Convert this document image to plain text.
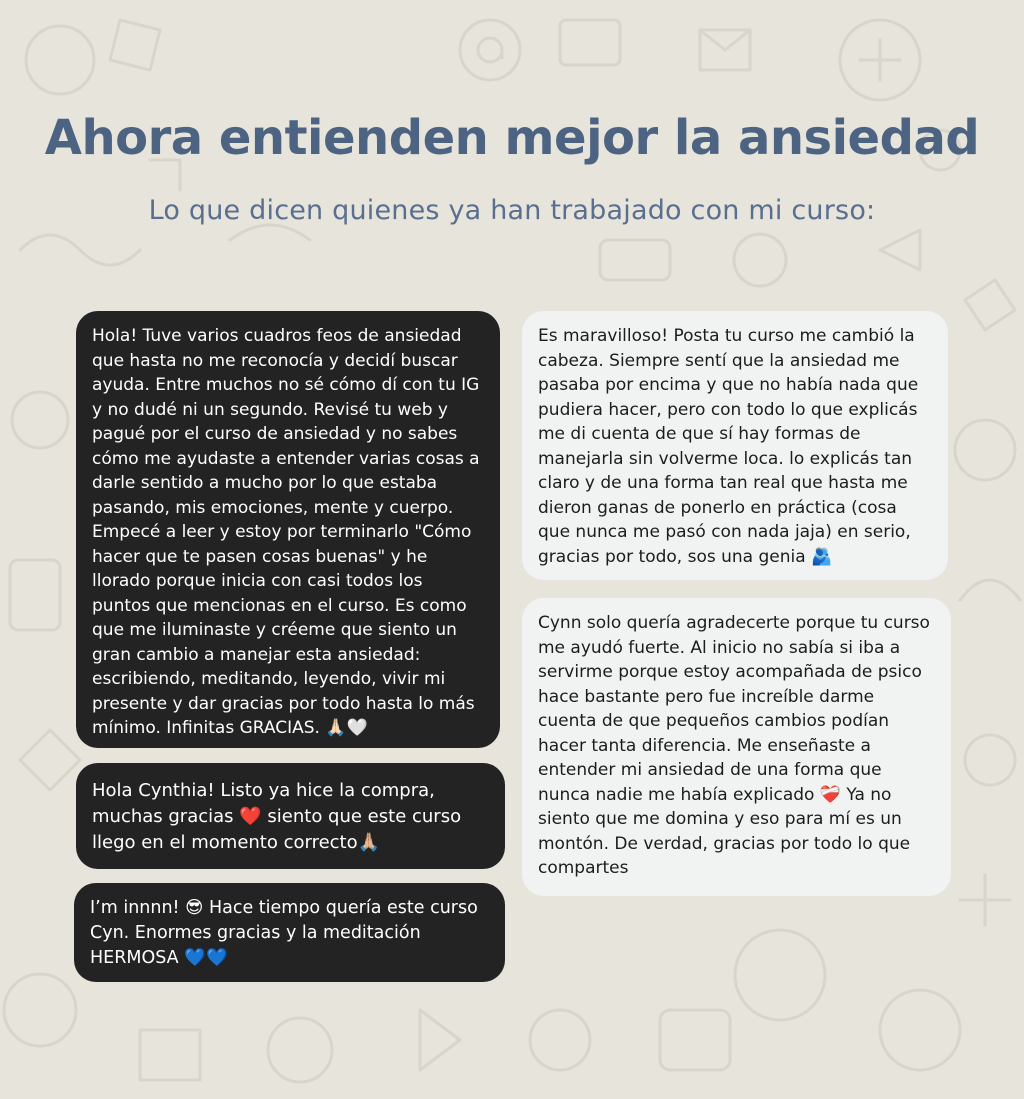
Ahora entienden mejor la ansiedad
Lo que dicen quienes ya han trabajado con mi curso:
Hola! Tuve varios cuadros feos de ansiedad que hasta no me reconocía y decidí buscar ayuda. Entre muchos no sé cómo dí con tu IG y no dudé ni un segundo. Revisé tu web y pagué por el curso de ansiedad y no sabes cómo me ayudaste a entender varias cosas a darle sentido a mucho por lo que estaba pasando, mis emociones, mente y cuerpo. Empecé a leer y estoy por terminarlo "Cómo hacer que te pasen cosas buenas" y he llorado porque inicia con casi todos los puntos que mencionas en el curso. Es como que me iluminaste y créeme que siento un gran cambio a manejar esta ansiedad: escribiendo, meditando, leyendo, vivir mi presente y dar gracias por todo hasta lo más mínimo. Infinitas GRACIAS. 🙏🏻🤍
Hola Cynthia! Listo ya hice la compra, muchas gracias ❤️ siento que este curso llego en el momento correcto🙏🏼
I’m innnn! 😎 Hace tiempo quería este curso Cyn. Enormes gracias y la meditación HERMOSA 💙💙
Es maravilloso! Posta tu curso me cambió la cabeza. Siempre sentí que la ansiedad me pasaba por encima y que no había nada que pudiera hacer, pero con todo lo que explicás me di cuenta de que sí hay formas de manejarla sin volverme loca. lo explicás tan claro y de una forma tan real que hasta me dieron ganas de ponerlo en práctica (cosa que nunca me pasó con nada jaja) en serio, gracias por todo, sos una genia 🫂
Cynn solo quería agradecerte porque tu curso me ayudó fuerte. Al inicio no sabía si iba a servirme porque estoy acompañada de psico hace bastante pero fue increíble darme cuenta de que pequeños cambios podían hacer tanta diferencia. Me enseñaste a entender mi ansiedad de una forma que nunca nadie me había explicado ❤️‍🩹 Ya no siento que me domina y eso para mí es un montón. De verdad, gracias por todo lo que compartes
